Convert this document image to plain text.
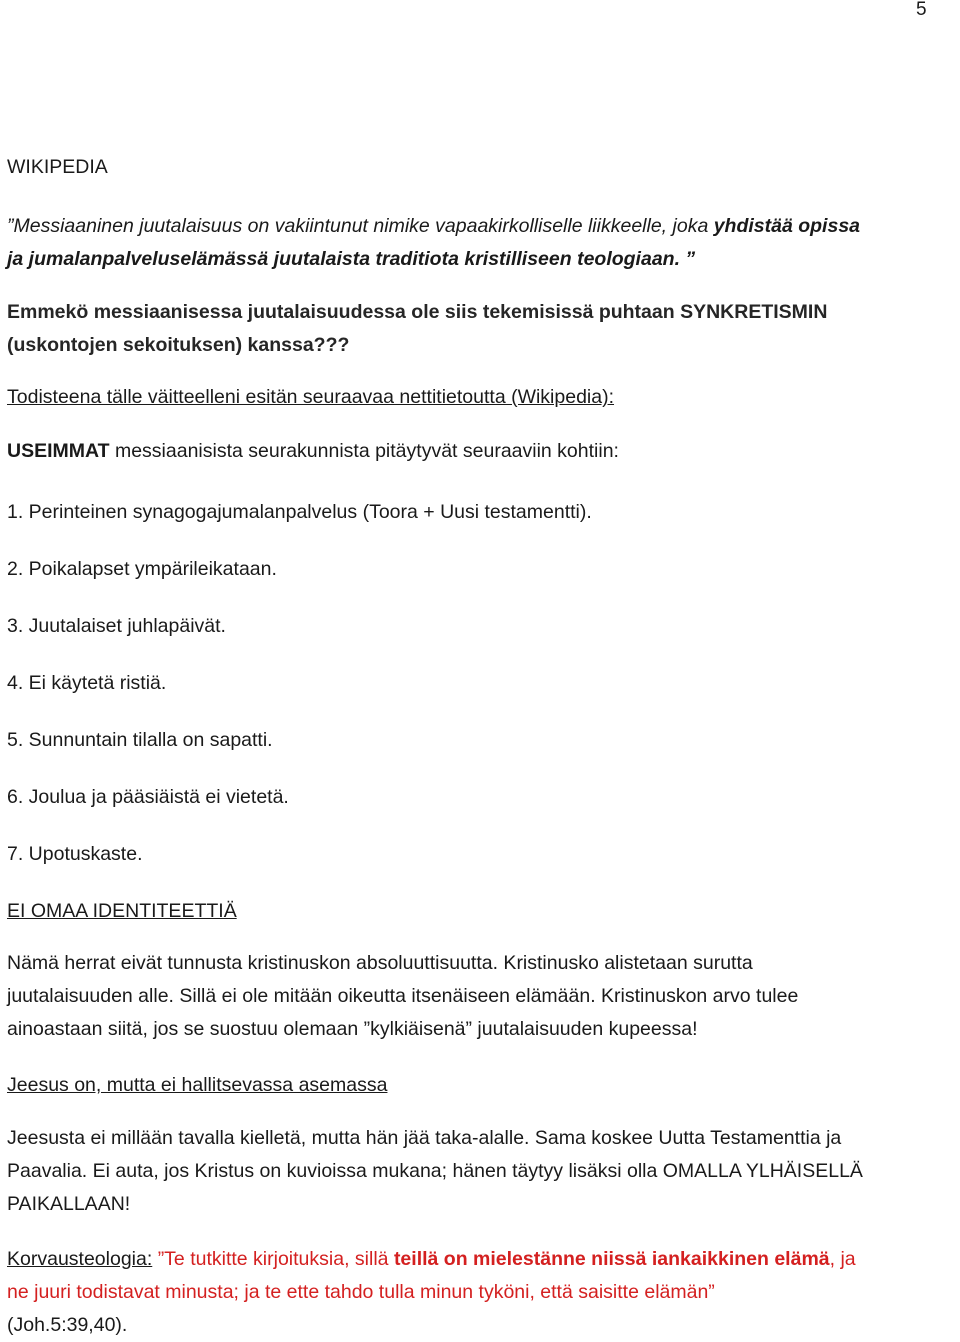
5
WIKIPEDIA
”Messiaaninen juutalaisuus on vakiintunut nimike vapaakirkolliselle liikkeelle, joka yhdistää opissa
ja jumalanpalveluselämässä juutalaista traditiota kristilliseen teologiaan. ”
Emmekö messiaanisessa juutalaisuudessa ole siis tekemisissä puhtaan SYNKRETISMIN
(uskontojen sekoituksen) kanssa???
Todisteena tälle väitteelleni esitän seuraavaa nettitietoutta (Wikipedia):
USEIMMAT messiaanisista seurakunnista pitäytyvät seuraaviin kohtiin:
1. Perinteinen synagogajumalanpalvelus (Toora + Uusi testamentti).
2. Poikalapset ympärileikataan.
3. Juutalaiset juhlapäivät.
4. Ei käytetä ristiä.
5. Sunnuntain tilalla on sapatti.
6. Joulua ja pääsiäistä ei vietetä.
7. Upotuskaste.
EI OMAA IDENTITEETTIÄ
Nämä herrat eivät tunnusta kristinuskon absoluuttisuutta. Kristinusko alistetaan surutta
juutalaisuuden alle. Sillä ei ole mitään oikeutta itsenäiseen elämään. Kristinuskon arvo tulee
ainoastaan siitä, jos se suostuu olemaan ”kylkiäisenä” juutalaisuuden kupeessa!
Jeesus on, mutta ei hallitsevassa asemassa
Jeesusta ei millään tavalla kielletä, mutta hän jää taka-alalle. Sama koskee Uutta Testamenttia ja
Paavalia. Ei auta, jos Kristus on kuvioissa mukana; hänen täytyy lisäksi olla OMALLA YLHÄISELLÄ
PAIKALLAAN!
Korvausteologia: ”Te tutkitte kirjoituksia, sillä teillä on mielestänne niissä iankaikkinen elämä, ja
ne juuri todistavat minusta; ja te ette tahdo tulla minun tyköni, että saisitte elämän”
(Joh.5:39,40).
